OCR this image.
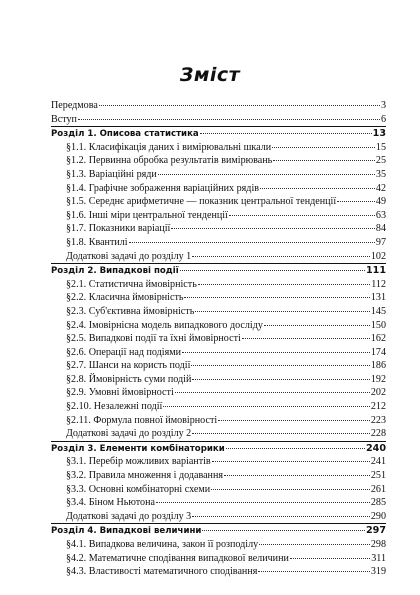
Зміст
Передмова	3
Вступ	6
Розділ 1. Описова статистика	13
§1.1. Класифікація даних і вимірювальні шкали	15
§1.2. Первинна обробка результатів вимірювань	25
§1.3. Варіаційні ряди	35
§1.4. Графічне зображення варіаційних рядів	42
§1.5. Середнє арифметичне — показник центральної тенденції	49
§1.6. Інші міри центральної тенденції	63
§1.7. Показники варіації	84
§1.8. Квантилі	97
Додаткові задачі до розділу 1	102
Розділ 2. Випадкові події	111
§2.1. Статистична ймовірність	112
§2.2. Класична ймовірність	131
§2.3. Суб'єктивна ймовірність	145
§2.4. Імовірнісна модель випадкового досліду	150
§2.5. Випадкові події та їхні ймовірності	162
§2.6. Операції над подіями	174
§2.7. Шанси на користь події	186
§2.8. Ймовірність суми подій	192
§2.9. Умовні ймовірності	202
§2.10. Незалежні події	212
§2.11. Формула повної ймовірності	223
Додаткові задачі до розділу 2	228
Розділ 3. Елементи комбінаторики	240
§3.1. Перебір можливих варіантів	241
§3.2. Правила множення і додавання	251
§3.3. Основні комбінаторні схеми	261
§3.4. Біном Ньютона	285
Додаткові задачі до розділу 3	290
Розділ 4. Випадкові величини	297
§4.1. Випадкова величина, закон її розподілу	298
§4.2. Математичне сподівання випадкової величини	311
§4.3. Властивості математичного сподівання	319
